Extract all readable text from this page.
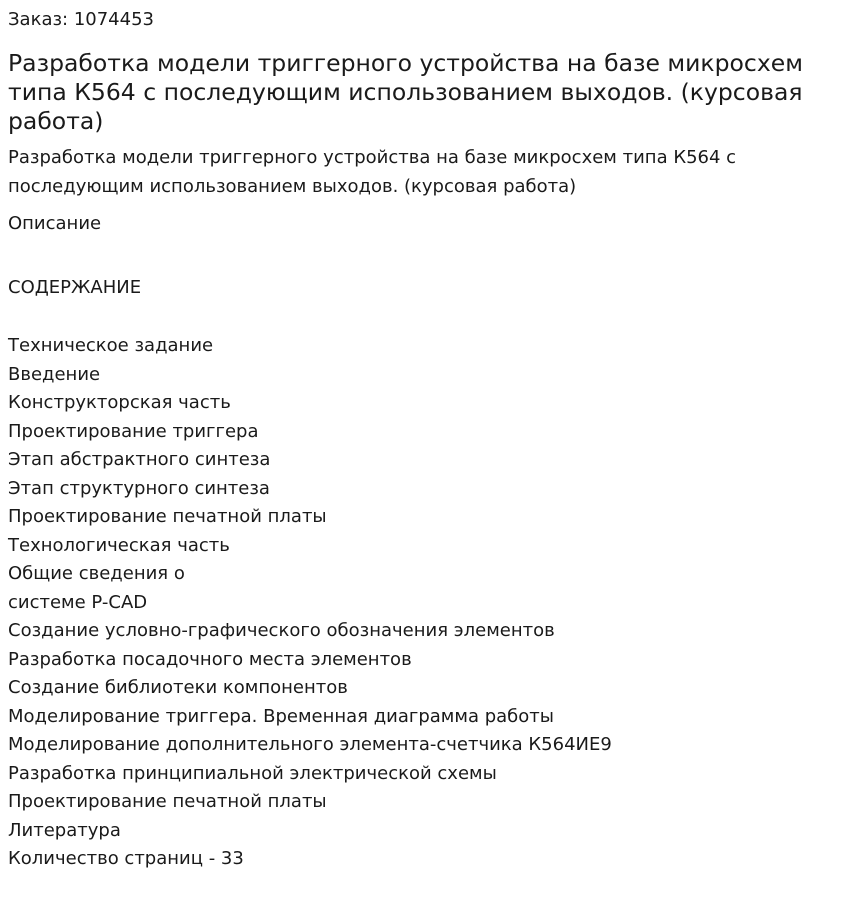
Заказ: 1074453
Разработка модели триггерного устройства на базе микросхем типа К564 с последующим использованием выходов. (курсовая работа)
Разработка модели триггерного устройства на базе микросхем типа К564 с последующим использованием выходов. (курсовая работа)
Описание
СОДЕРЖАНИЕ
Техническое задание
Введение
Конструкторская часть
Проектирование триггера
Этап абстрактного синтеза
Этап структурного синтеза
Проектирование печатной платы
Технологическая часть
Общие сведения о
системе P-CAD
Создание условно-графического обозначения элементов
Разработка посадочного места элементов
Создание библиотеки компонентов
Моделирование триггера. Временная диаграмма работы
Моделирование дополнительного элемента-счетчика К564ИЕ9
Разработка принципиальной электрической схемы
Проектирование печатной платы
Литература
Количество страниц - 33
